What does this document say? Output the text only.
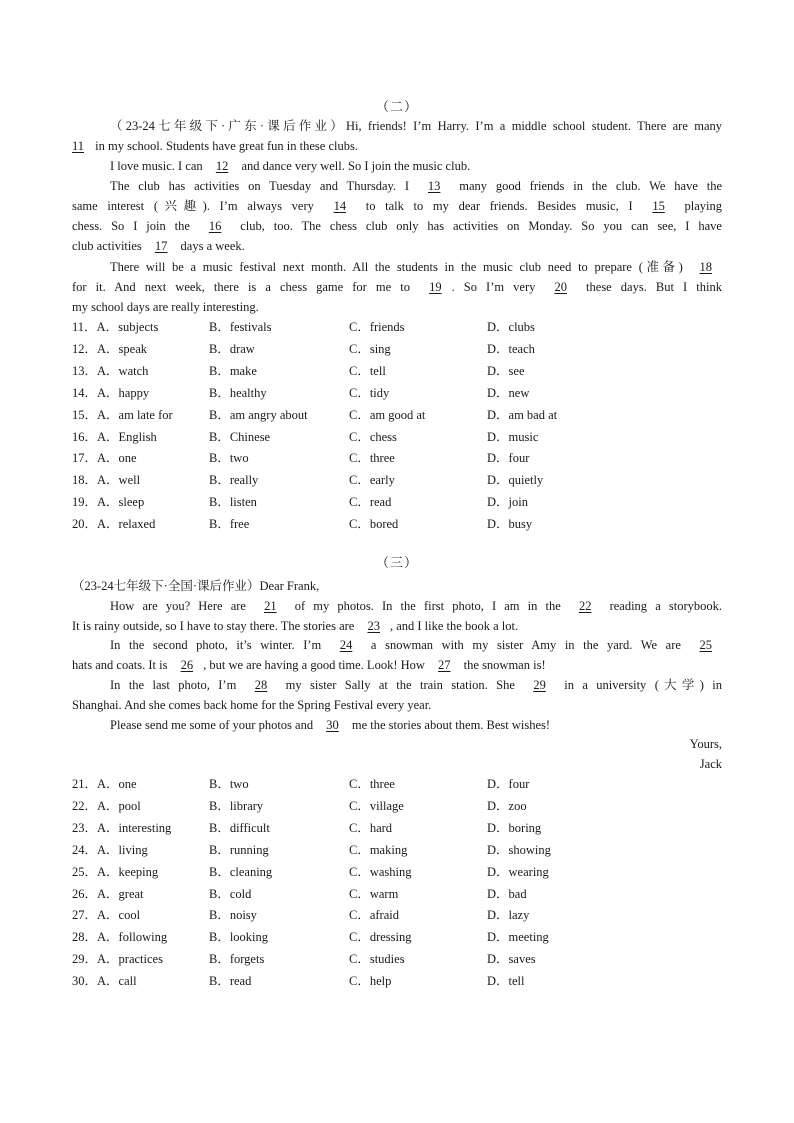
（二）
（23-24七年级下·广东·课后作业）Hi, friends! I’m Harry. I’m a middle school student. There are many
11 in my school. Students have great fun in these clubs.
I love music. I can 12 and dance very well. So I join the music club.
The club has activities on Tuesday and Thursday. I 13 many good friends in the club. We have the
same interest (兴趣). I’m always very 14 to talk to my dear friends. Besides music, I 15 playing
chess. So I join the 16 club, too. The chess club only has activities on Monday. So you can see, I have
club activities 17 days a week.
There will be a music festival next month. All the students in the music club need to prepare (准备) 18
for it. And next week, there is a chess game for me to 19 . So I’m very 20 these days. But I think
my school days are really interesting.
11．A．subjects	B．festivals	C．friends	D．clubs
12．A．speak	B．draw	C．sing	D．teach
13．A．watch	B．make	C．tell	D．see
14．A．happy	B．healthy	C．tidy	D．new
15．A．am late for	B．am angry about	C．am good at	D．am bad at
16．A．English	B．Chinese	C．chess	D．music
17．A．one	B．two	C．three	D．four
18．A．well	B．really	C．early	D．quietly
19．A．sleep	B．listen	C．read	D．join
20．A．relaxed	B．free	C．bored	D．busy
（三）
（23-24七年级下·全国·课后作业）Dear Frank,
How are you? Here are 21 of my photos. In the first photo, I am in the 22 reading a storybook.
It is rainy outside, so I have to stay there. The stories are 23 , and I like the book a lot.
In the second photo, it’s winter. I’m 24 a snowman with my sister Amy in the yard. We are 25
hats and coats. It is 26 , but we are having a good time. Look! How 27 the snowman is!
In the last photo, I’m 28 my sister Sally at the train station. She 29 in a university (大学) in
Shanghai. And she comes back home for the Spring Festival every year.
Please send me some of your photos and 30 me the stories about them. Best wishes!
Yours,
Jack
21．A．one	B．two	C．three	D．four
22．A．pool	B．library	C．village	D．zoo
23．A．interesting	B．difficult	C．hard	D．boring
24．A．living	B．running	C．making	D．showing
25．A．keeping	B．cleaning	C．washing	D．wearing
26．A．great	B．cold	C．warm	D．bad
27．A．cool	B．noisy	C．afraid	D．lazy
28．A．following	B．looking	C．dressing	D．meeting
29．A．practices	B．forgets	C．studies	D．saves
30．A．call	B．read	C．help	D．tell
